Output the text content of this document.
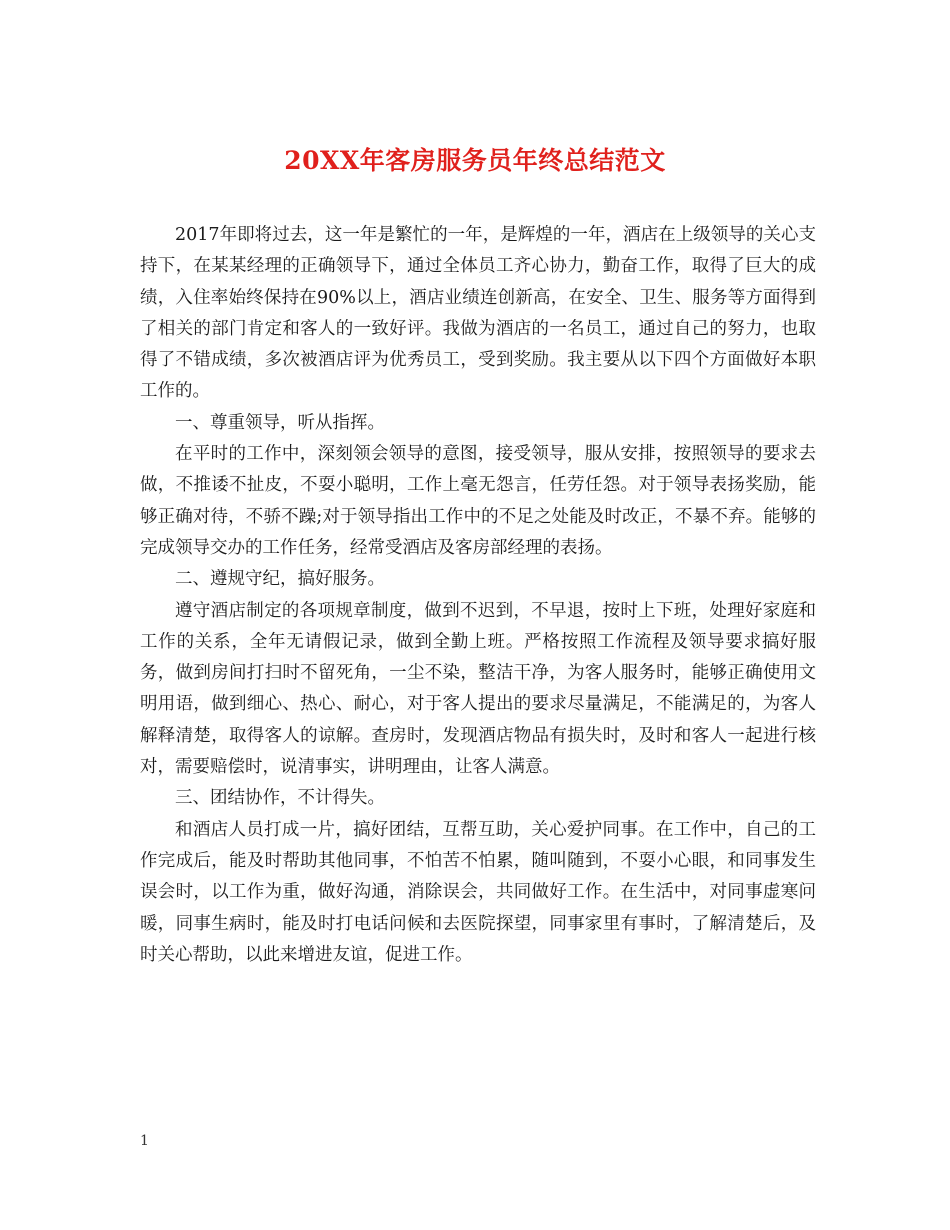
20XX年客房服务员年终总结范文

2017年即将过去，这一年是繁忙的一年，是辉煌的一年，酒店在上级领导的关心支持下，在某某经理的正确领导下，通过全体员工齐心协力，勤奋工作，取得了巨大的成绩，入住率始终保持在90%以上，酒店业绩连创新高，在安全、卫生、服务等方面得到了相关的部门肯定和客人的一致好评。我做为酒店的一名员工，通过自己的努力，也取得了不错成绩，多次被酒店评为优秀员工，受到奖励。我主要从以下四个方面做好本职工作的。

一、尊重领导，听从指挥。

在平时的工作中，深刻领会领导的意图，接受领导，服从安排，按照领导的要求去做，不推诿不扯皮，不耍小聪明，工作上毫无怨言，任劳任怨。对于领导表扬奖励，能够正确对待，不骄不躁;对于领导指出工作中的不足之处能及时改正，不暴不弃。能够的完成领导交办的工作任务，经常受酒店及客房部经理的表扬。

二、遵规守纪，搞好服务。

遵守酒店制定的各项规章制度，做到不迟到，不早退，按时上下班，处理好家庭和工作的关系，全年无请假记录，做到全勤上班。严格按照工作流程及领导要求搞好服务，做到房间打扫时不留死角，一尘不染，整洁干净，为客人服务时，能够正确使用文明用语，做到细心、热心、耐心，对于客人提出的要求尽量满足，不能满足的，为客人解释清楚，取得客人的谅解。查房时，发现酒店物品有损失时，及时和客人一起进行核对，需要赔偿时，说清事实，讲明理由，让客人满意。

三、团结协作，不计得失。

和酒店人员打成一片，搞好团结，互帮互助，关心爱护同事。在工作中，自己的工作完成后，能及时帮助其他同事，不怕苦不怕累，随叫随到，不耍小心眼，和同事发生误会时，以工作为重，做好沟通，消除误会，共同做好工作。在生活中，对同事虚寒问暖，同事生病时，能及时打电话问候和去医院探望，同事家里有事时，了解清楚后，及时关心帮助，以此来增进友谊，促进工作。

1
